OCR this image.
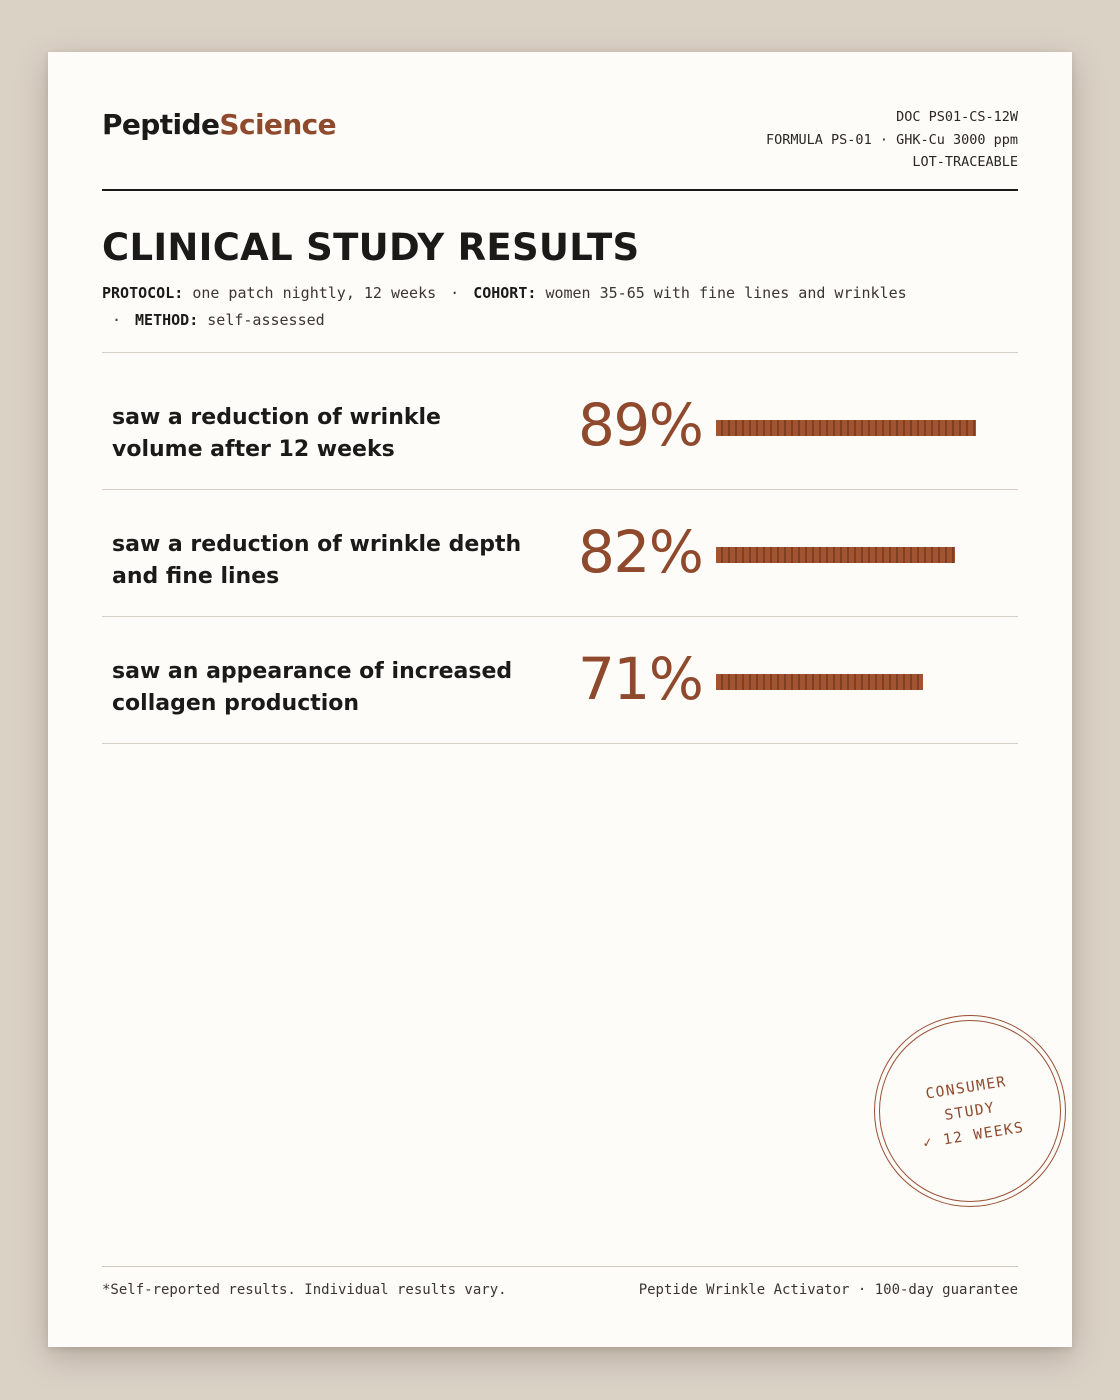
PeptideScience	DOC PS01-CS-12W
FORMULA PS-01 · GHK-Cu 3000 ppm
LOT-TRACEABLE
CLINICAL STUDY RESULTS
PROTOCOL: one patch nightly, 12 weeks · COHORT: women 35-65 with fine lines and wrinkles
· METHOD: self-assessed
saw a reduction of wrinkle volume after 12 weeks	89%
saw a reduction of wrinkle depth and fine lines	82%
saw an appearance of increased collagen production	71%
CONSUMER
STUDY
✓ 12 WEEKS
*Self-reported results. Individual results vary.	Peptide Wrinkle Activator · 100-day guarantee
